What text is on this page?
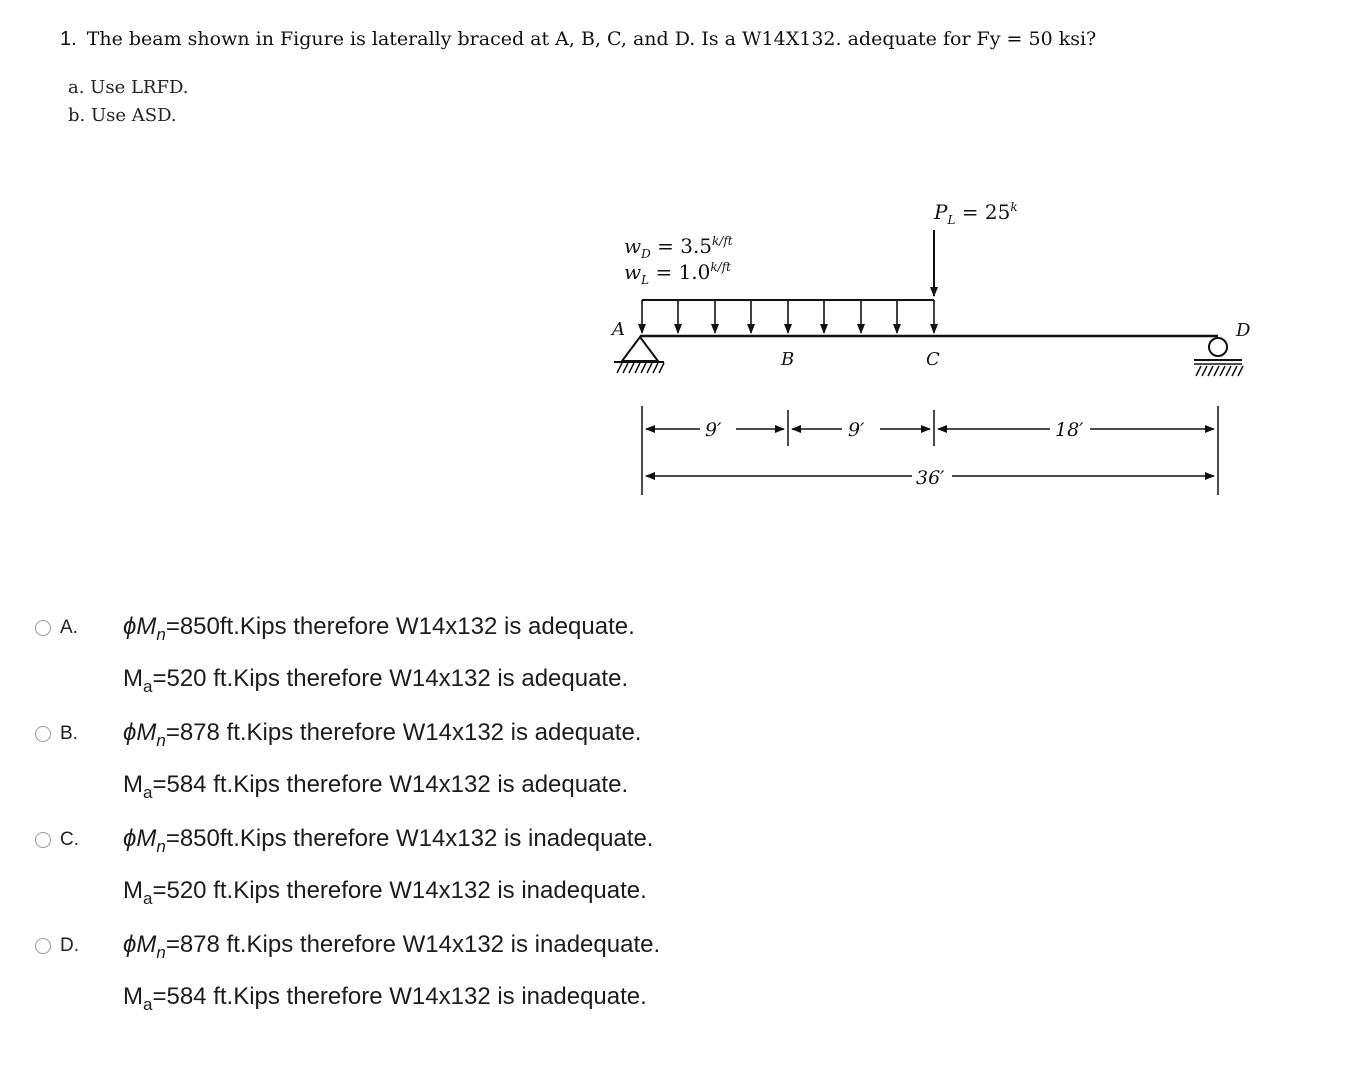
1. The beam shown in Figure is laterally braced at A, B, C, and D. Is a W14X132. adequate for Fy = 50 ksi?
a. Use LRFD.
b. Use ASD.
$w_D = 3.5^{k/ft}$
$w_L = 1.0^{k/ft}$
$P_L = 25^k$
A
B	C
D
9′	9′	18′
36′
A. $\phi M_n=850ft.Kips$ therefore W14x132 is adequate.
$M_a=520$ ft.Kips therefore W14x132 is adequate.
B. $\phi M_n=878$ ft.Kips therefore W14x132 is adequate.
$M_a=584$ ft.Kips therefore W14x132 is adequate.
C. $\phi M_n=850ft.Kips$ therefore W14x132 is inadequate.
$M_a=520$ ft.Kips therefore W14x132 is inadequate.
D. $\phi M_n=878$ ft.Kips therefore W14x132 is inadequate.
$M_a=584$ ft.Kips therefore W14x132 is inadequate.
